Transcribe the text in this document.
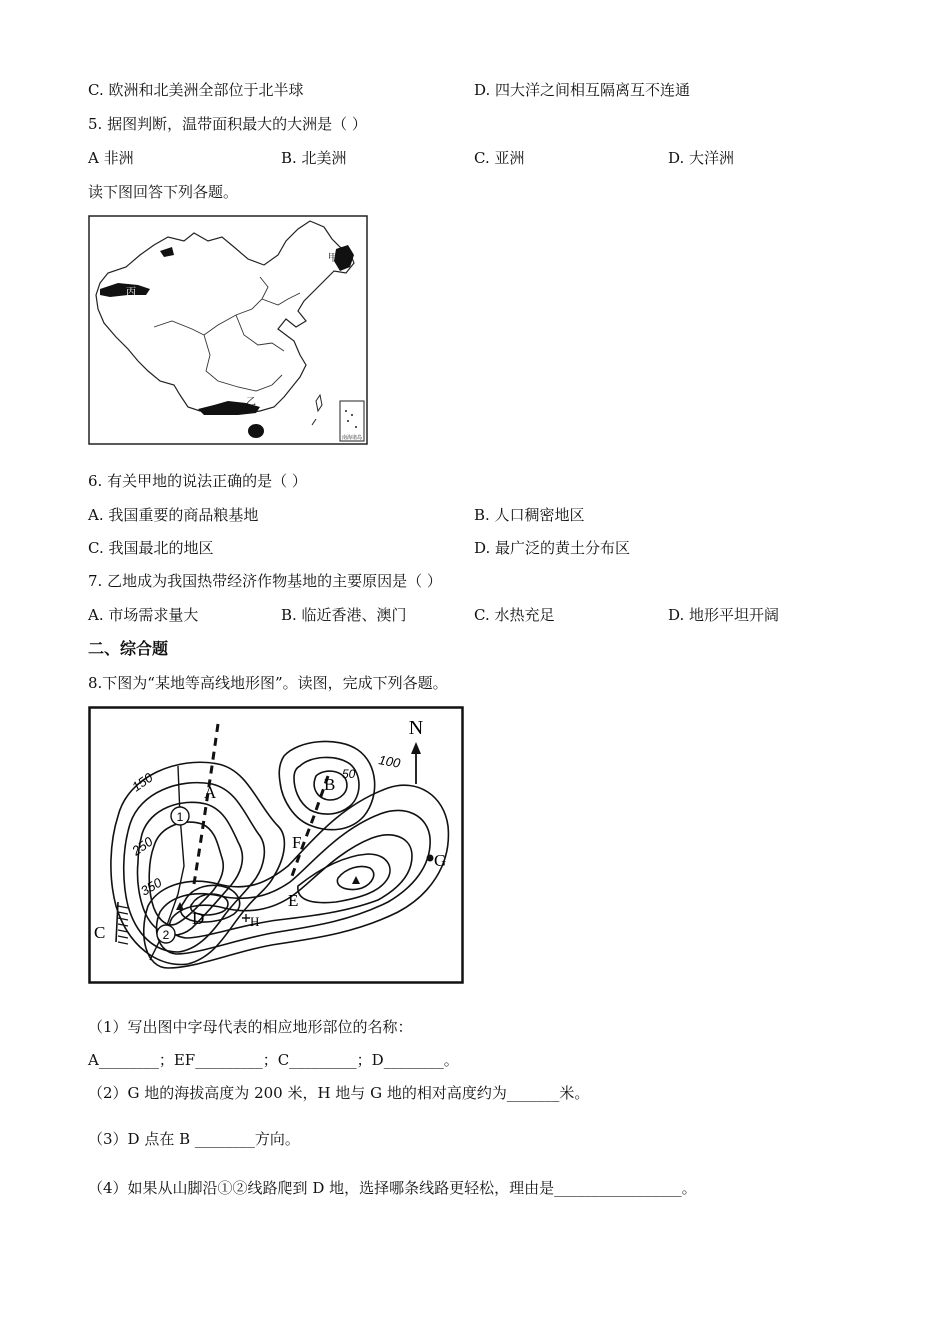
C. 欧洲和北美洲全部位于北半球	D. 四大洋之间相互隔离互不连通
5. 据图判断，温带面积最大的大洲是（ ）
A 非洲	B. 北美洲	C. 亚洲	D. 大洋洲
读下图回答下列各题。
南海诸岛
甲
乙
丙
6. 有关甲地的说法正确的是（ ）
A. 我国重要的商品粮基地	B. 人口稠密地区
C. 我国最北的地区	D. 最广泛的黄土分布区
7. 乙地成为我国热带经济作物基地的主要原因是（ ）
A. 市场需求量大	B. 临近香港、澳门	C. 水热充足	D. 地形平坦开阔
二、综合题
8.下图为“某地等高线地形图”。读图，完成下列各题。
N
1
2
A	B
C
D
E
F
G
H
150
250
350
50
100
（1）写出图中字母代表的相应地形部位的名称：
A________；EF_________；C_________；D________。
（2）G 地的海拔高度为 200 米，H 地与 G 地的相对高度约为_______米。
（3）D 点在 B ________方向。
（4）如果从山脚沿①②线路爬到 D 地，选择哪条线路更轻松，理由是_________________。
